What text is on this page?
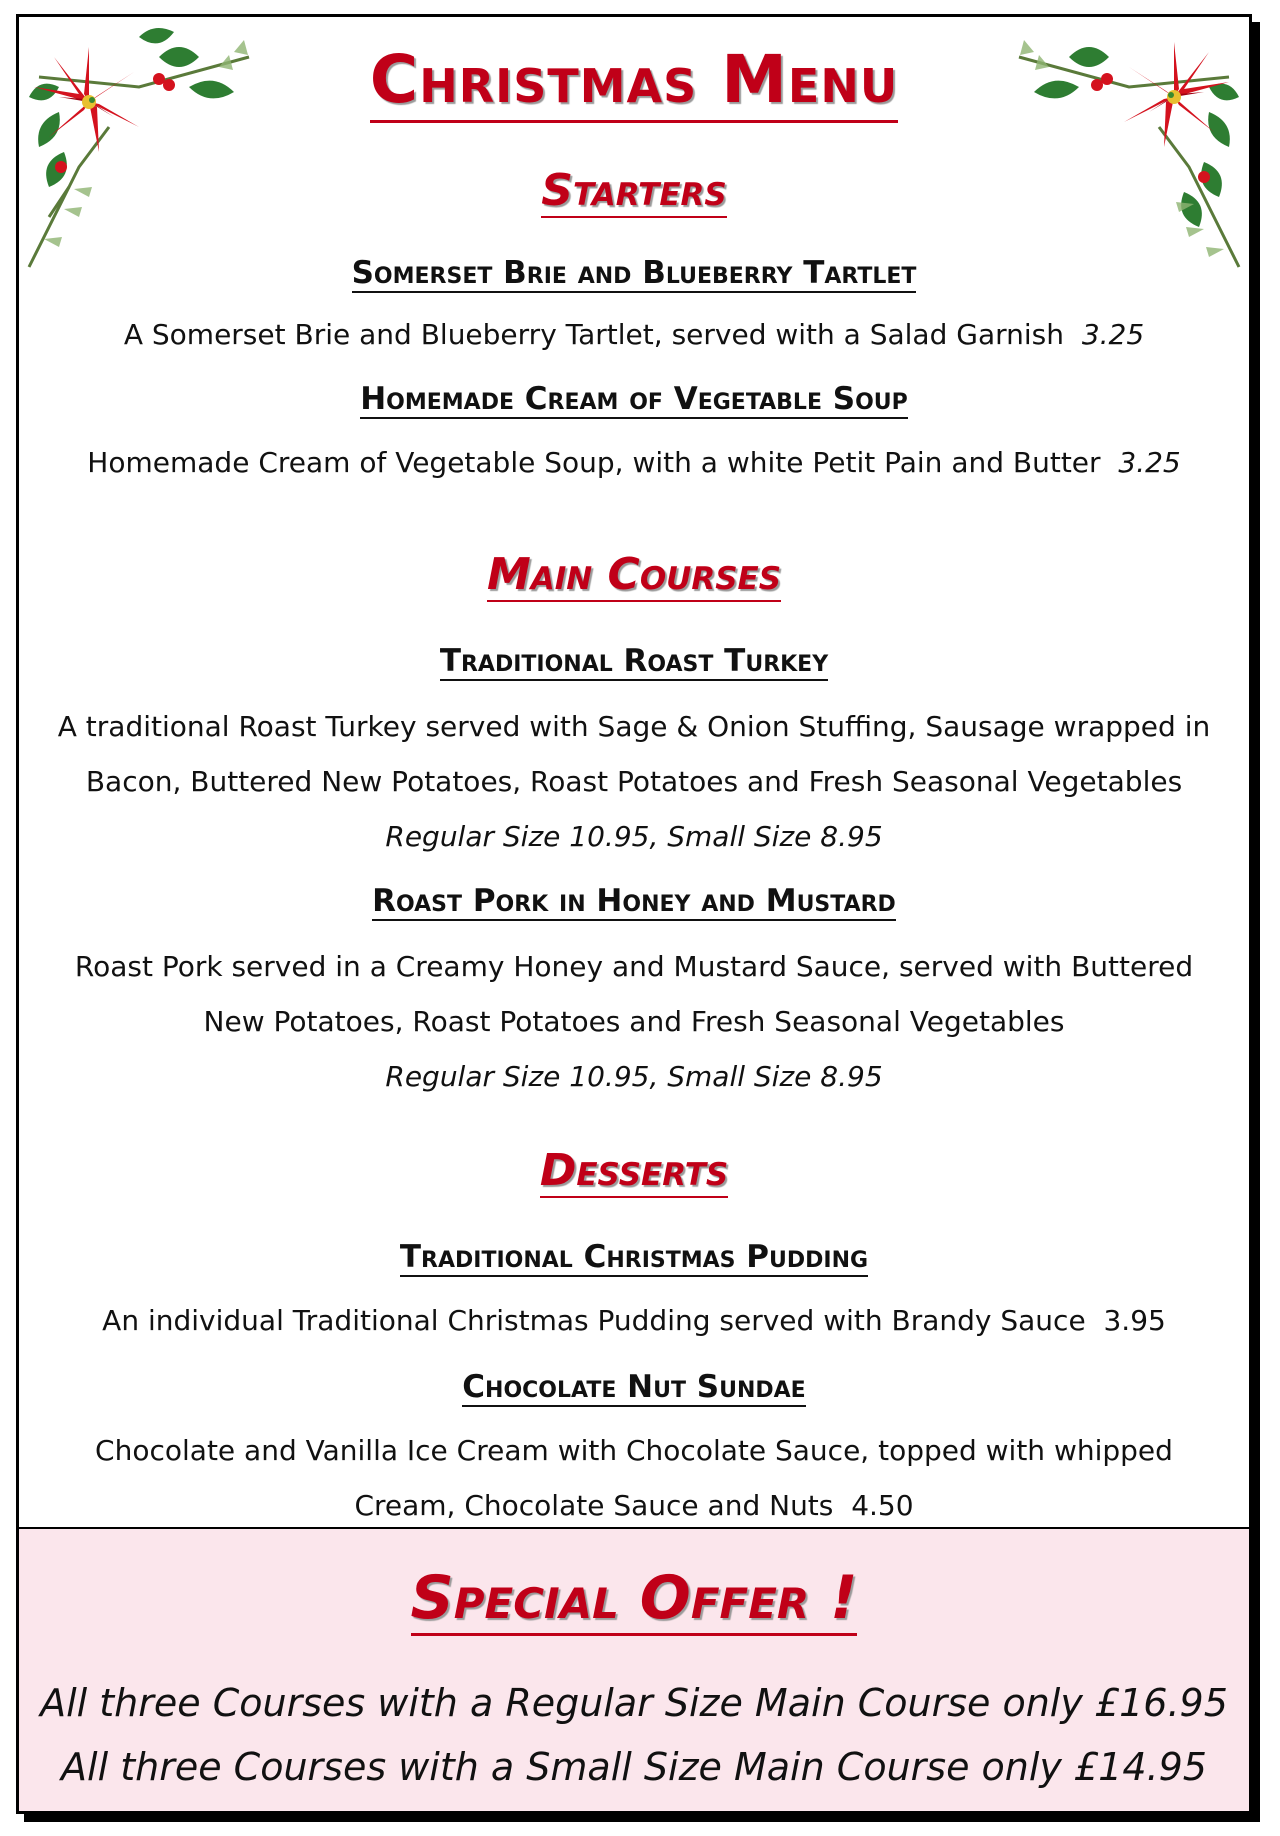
Christmas Menu
Starters
Somerset Brie and Blueberry Tartlet

A Somerset Brie and Blueberry Tartlet, served with a Salad Garnish 3.25

Homemade Cream of Vegetable Soup

Homemade Cream of Vegetable Soup, with a white Petit Pain and Butter 3.25

Main Courses
Traditional Roast Turkey

A traditional Roast Turkey served with Sage & Onion Stuffing, Sausage wrapped in
Bacon, Buttered New Potatoes, Roast Potatoes and Fresh Seasonal Vegetables
Regular Size 10.95, Small Size 8.95

Roast Pork in Honey and Mustard

Roast Pork served in a Creamy Honey and Mustard Sauce, served with Buttered
New Potatoes, Roast Potatoes and Fresh Seasonal Vegetables
Regular Size 10.95, Small Size 8.95

Desserts
Traditional Christmas Pudding

An individual Traditional Christmas Pudding served with Brandy Sauce 3.95

Chocolate Nut Sundae

Chocolate and Vanilla Ice Cream with Chocolate Sauce, topped with whipped
Cream, Chocolate Sauce and Nuts 4.50

Special Offer !

All three Courses with a Regular Size Main Course only £16.95

All three Courses with a Small Size Main Course only £14.95
